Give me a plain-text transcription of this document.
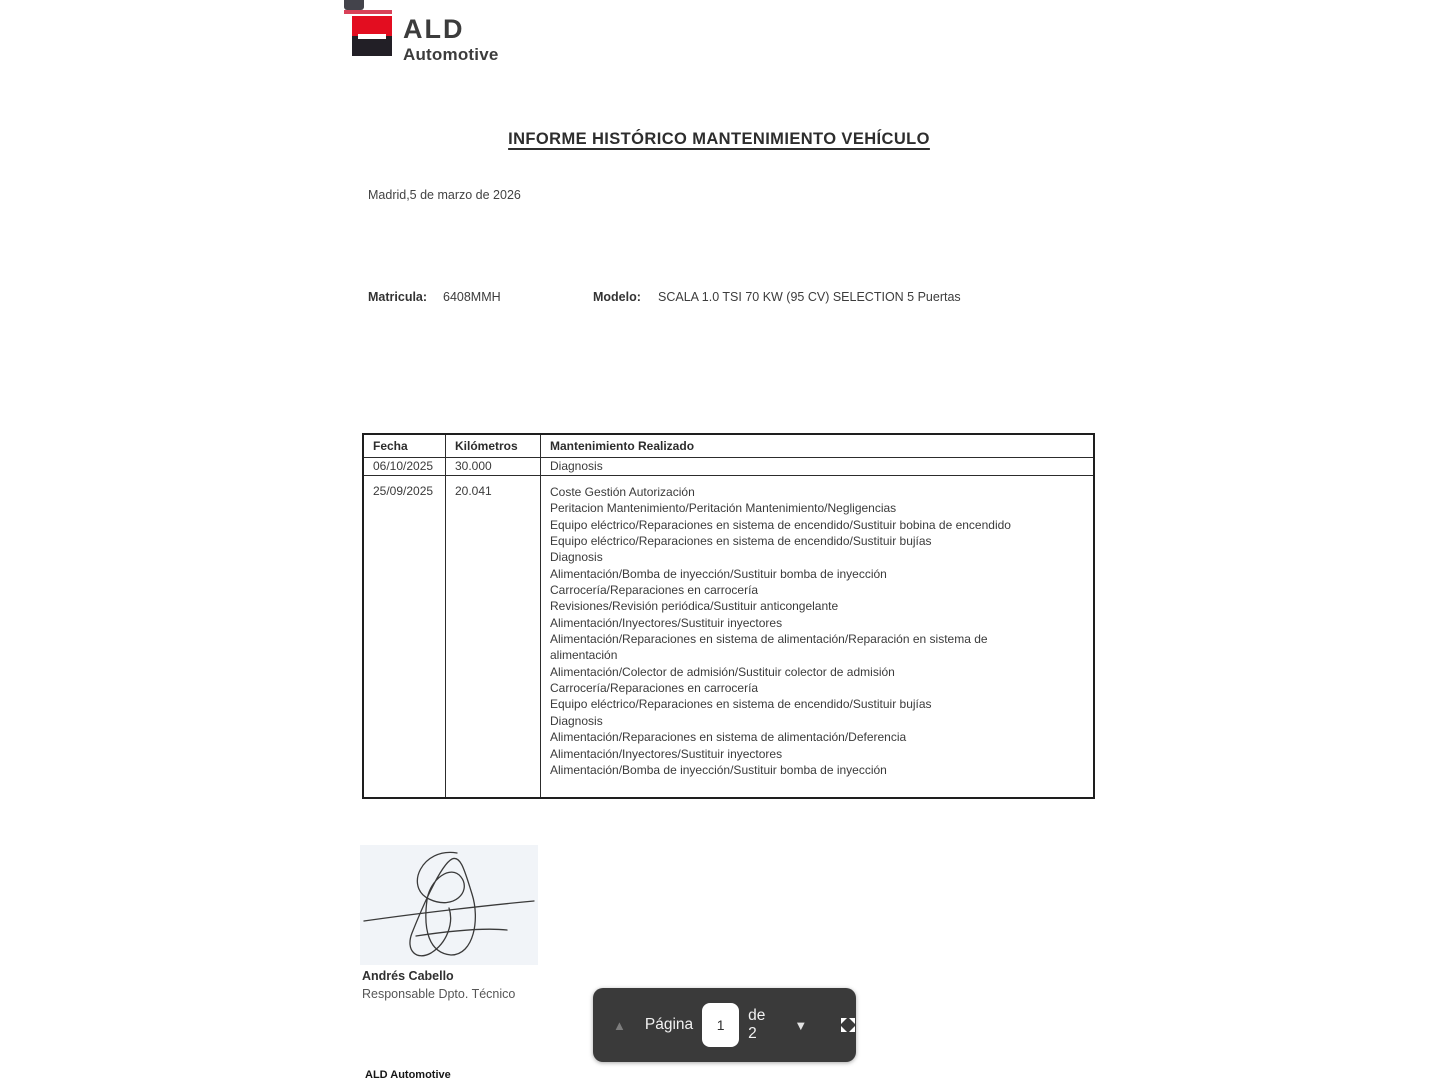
ALD
Automotive
INFORME HISTÓRICO MANTENIMIENTO VEHÍCULO
Madrid,5 de marzo de 2026
Matricula: 6408MMH	Modelo: SCALA 1.0 TSI 70 KW (95 CV) SELECTION 5 Puertas
Fecha	Kilómetros	Mantenimiento Realizado
06/10/2025	30.000	Diagnosis
25/09/2025	20.041	Coste Gestión Autorización
Peritacion Mantenimiento/Peritación Mantenimiento/Negligencias
Equipo eléctrico/Reparaciones en sistema de encendido/Sustituir bobina de encendido
Equipo eléctrico/Reparaciones en sistema de encendido/Sustituir bujías
Diagnosis
Alimentación/Bomba de inyección/Sustituir bomba de inyección
Carrocería/Reparaciones en carrocería
Revisiones/Revisión periódica/Sustituir anticongelante
Alimentación/Inyectores/Sustituir inyectores
Alimentación/Reparaciones en sistema de alimentación/Reparación en sistema de alimentación
Alimentación/Colector de admisión/Sustituir colector de admisión
Carrocería/Reparaciones en carrocería
Equipo eléctrico/Reparaciones en sistema de encendido/Sustituir bujías
Diagnosis
Alimentación/Reparaciones en sistema de alimentación/Deferencia
Alimentación/Inyectores/Sustituir inyectores
Alimentación/Bomba de inyección/Sustituir bomba de inyección
Andrés Cabello
Responsable Dpto. Técnico
▲ Página
1
de 2	▼
ALD Automotive
